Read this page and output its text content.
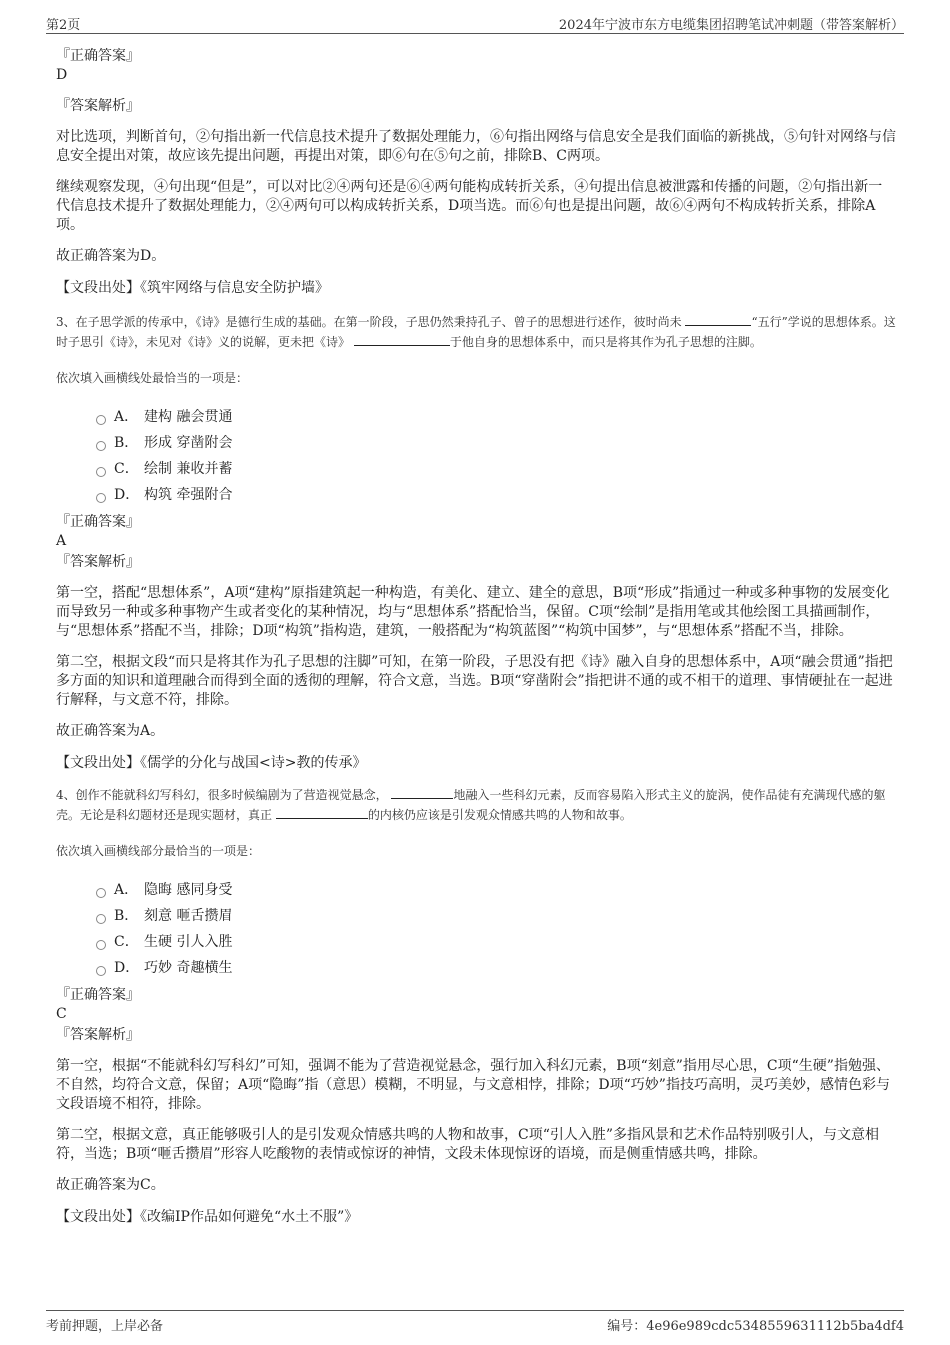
第2页	2024年宁波市东方电缆集团招聘笔试冲刺题（带答案解析）
『正确答案』
D
『答案解析』
对比选项，判断首句，②句指出新一代信息技术提升了数据处理能力，⑥句指出网络与信息安全是我们面临的新挑战，⑤句针对网络与信息安全提出对策，故应该先提出问题，再提出对策，即⑥句在⑤句之前，排除B、C两项。
继续观察发现，④句出现“但是”，可以对比②④两句还是⑥④两句能构成转折关系，④句提出信息被泄露和传播的问题，②句指出新一代信息技术提升了数据处理能力，②④两句可以构成转折关系，D项当选。而⑥句也是提出问题，故⑥④两句不构成转折关系，排除A项。
故正确答案为D。
【文段出处】《筑牢网络与信息安全防护墙》
3、在子思学派的传承中，《诗》是德行生成的基础。在第一阶段，子思仍然秉持孔子、曾子的思想进行述作，彼时尚未	“五行”学说的思想体系。这时子思引《诗》，未见对《诗》义的说解，更未把《诗》	于他自身的思想体系中，而只是将其作为孔子思想的注脚。
依次填入画横线处最恰当的一项是：
A． 建构 融会贯通
B． 形成 穿凿附会
C． 绘制 兼收并蓄
D． 构筑 牵强附合
『正确答案』
A
『答案解析』
第一空，搭配“思想体系”，A项“建构”原指建筑起一种构造，有美化、建立、建全的意思，B项“形成”指通过一种或多种事物的发展变化而导致另一种或多种事物产生或者变化的某种情况，均与“思想体系”搭配恰当，保留。C项“绘制”是指用笔或其他绘图工具描画制作，与“思想体系”搭配不当，排除；D项“构筑”指构造，建筑，一般搭配为“构筑蓝图”“构筑中国梦”，与“思想体系”搭配不当，排除。
第二空，根据文段“而只是将其作为孔子思想的注脚”可知，在第一阶段，子思没有把《诗》融入自身的思想体系中，A项“融会贯通”指把多方面的知识和道理融合而得到全面的透彻的理解，符合文意，当选。B项“穿凿附会”指把讲不通的或不相干的道理、事情硬扯在一起进行解释，与文意不符，排除。
故正确答案为A。
【文段出处】《儒学的分化与战国<诗>教的传承》
4、创作不能就科幻写科幻，很多时候编剧为了营造视觉悬念，	地融入一些科幻元素，反而容易陷入形式主义的旋涡，使作品徒有充满现代感的躯壳。无论是科幻题材还是现实题材，真正	的内核仍应该是引发观众情感共鸣的人物和故事。
依次填入画横线部分最恰当的一项是：
A． 隐晦 感同身受
B． 刻意 咂舌攒眉
C． 生硬 引人入胜
D． 巧妙 奇趣横生
『正确答案』
C
『答案解析』
第一空，根据“不能就科幻写科幻”可知，强调不能为了营造视觉悬念，强行加入科幻元素，B项“刻意”指用尽心思，C项“生硬”指勉强、不自然，均符合文意，保留；A项“隐晦”指（意思）模糊，不明显，与文意相悖，排除；D项“巧妙”指技巧高明，灵巧美妙，感情色彩与文段语境不相符，排除。
第二空，根据文意，真正能够吸引人的是引发观众情感共鸣的人物和故事，C项“引人入胜”多指风景和艺术作品特别吸引人，与文意相符，当选；B项“咂舌攒眉”形容人吃酸物的表情或惊讶的神情，文段未体现惊讶的语境，而是侧重情感共鸣，排除。
故正确答案为C。
【文段出处】《改编IP作品如何避免“水土不服”》
考前押题，上岸必备	编号：4e96e989cdc5348559631112b5ba4df4
